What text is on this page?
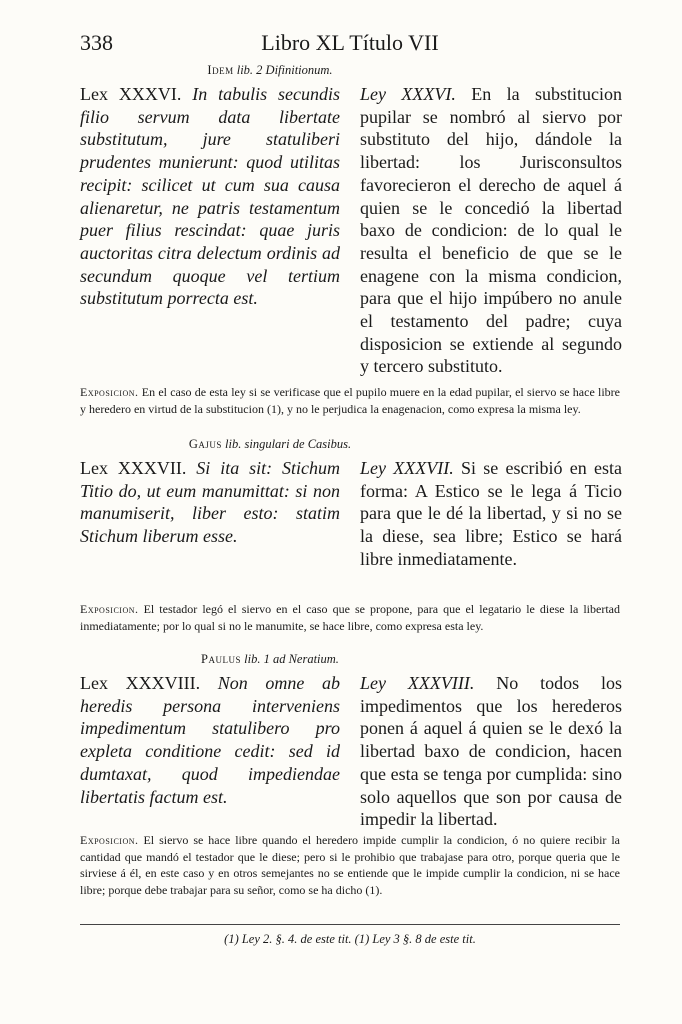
338	Libro XL Título VII
Idem lib. 2 Difinitionum.
Lex XXXVI. In tabulis secundis filio servum data libertate substitutum, jure statuliberi prudentes munierunt: quod utilitas recipit: scilicet ut cum sua causa alienaretur, ne patris testamentum puer filius rescindat: quae juris auctoritas citra delectum ordinis ad secundum quoque vel tertium substitutum porrecta est.
Ley XXXVI. En la substitucion pupilar se nombró al siervo por substituto del hijo, dándole la libertad: los Jurisconsultos favorecieron el derecho de aquel á quien se le concedió la libertad baxo de condicion: de lo qual le resulta el beneficio de que se le enagene con la misma condicion, para que el hijo impúbero no anule el testamento del padre; cuya disposicion se extiende al segundo y tercero substituto.
Exposicion. En el caso de esta ley si se verificase que el pupilo muere en la edad pupilar, el siervo se hace libre y heredero en virtud de la substitucion (1), y no le perjudica la enagenacion, como expresa la misma ley.
Gajus lib. singulari de Casibus.
Lex XXXVII. Si ita sit: Stichum Titio do, ut eum manumittat: si non manumiserit, liber esto: statim Stichum liberum esse.
Ley XXXVII. Si se escribió en esta forma: A Estico se le lega á Ticio para que le dé la libertad, y si no se la diese, sea libre; Estico se hará libre inmediatamente.
Exposicion. El testador legó el siervo en el caso que se propone, para que el legatario le diese la libertad inmediatamente; por lo qual si no le manumite, se hace libre, como expresa esta ley.
Paulus lib. 1 ad Neratium.
Lex XXXVIII. Non omne ab heredis persona interveniens impedimentum statulibero pro expleta conditione cedit: sed id dumtaxat, quod impediendae libertatis factum est.
Ley XXXVIII. No todos los impedimentos que los herederos ponen á aquel á quien se le dexó la libertad baxo de condicion, hacen que esta se tenga por cumplida: sino solo aquellos que son por causa de impedir la libertad.
Exposicion. El siervo se hace libre quando el heredero impide cumplir la condicion, ó no quiere recibir la cantidad que mandó el testador que le diese; pero si le prohibio que trabajase para otro, porque queria que le sirviese á él, en este caso y en otros semejantes no se entiende que le impide cumplir la condicion, ni se hace libre; porque debe trabajar para su señor, como se ha dicho (1).
(1) Ley 2. §. 4. de este tit. (1) Ley 3 §. 8 de este tit.
